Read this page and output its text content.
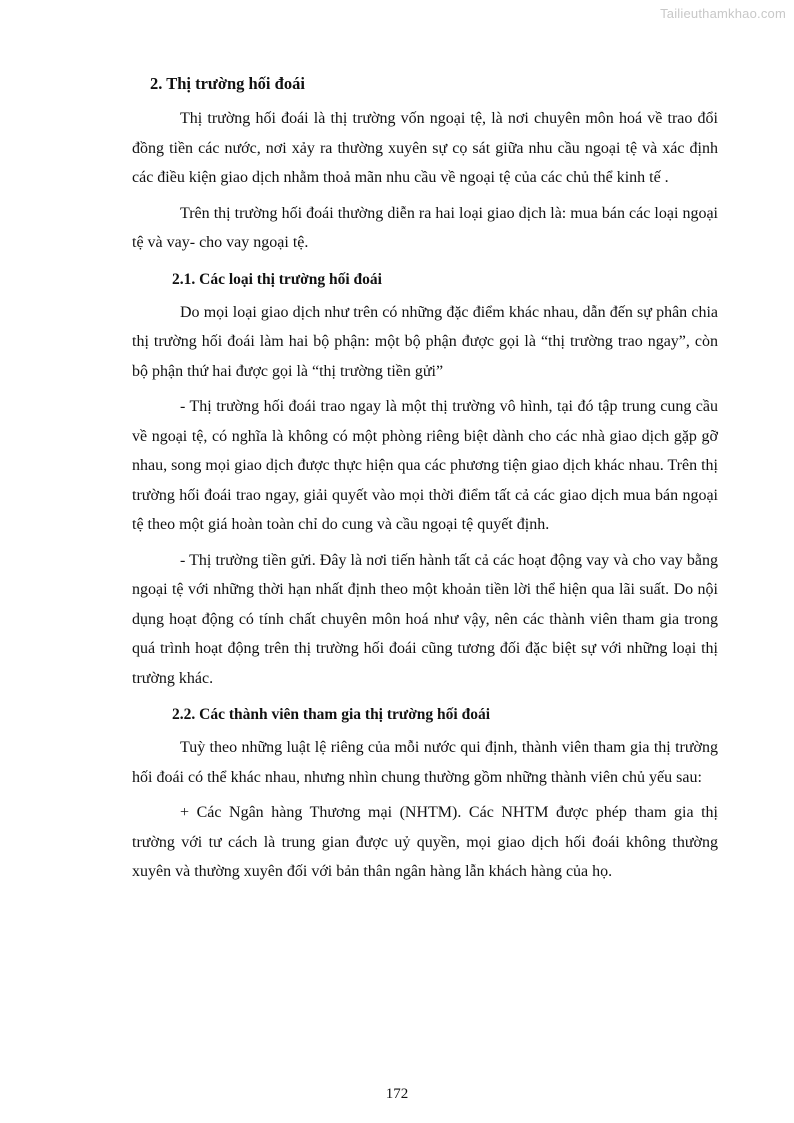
Tailieuthamkhao.com
2. Thị trường hối đoái

Thị trường hối đoái là thị trường vốn ngoại tệ, là nơi chuyên môn hoá về trao đổi đồng tiền các nước, nơi xảy ra thường xuyên sự cọ sát giữa nhu cầu ngoại tệ và xác định các điều kiện giao dịch nhằm thoả mãn nhu cầu về ngoại tệ của các chủ thể kinh tế .

Trên thị trường hối đoái thường diễn ra hai loại giao dịch là: mua bán các loại ngoại tệ và vay- cho vay ngoại tệ.

2.1. Các loại thị trường hối đoái

Do mọi loại giao dịch như trên có những đặc điểm khác nhau, dẫn đến sự phân chia thị trường hối đoái làm hai bộ phận: một bộ phận được gọi là “thị trường trao ngay”, còn bộ phận thứ hai được gọi là “thị trường tiền gửi”

- Thị trường hối đoái trao ngay là một thị trường vô hình, tại đó tập trung cung cầu về ngoại tệ, có nghĩa là không có một phòng riêng biệt dành cho các nhà giao dịch gặp gỡ nhau, song mọi giao dịch được thực hiện qua các phương tiện giao dịch khác nhau. Trên thị trường hối đoái trao ngay, giải quyết vào mọi thời điểm tất cả các giao dịch mua bán ngoại tệ theo một giá hoàn toàn chỉ do cung và cầu ngoại tệ quyết định.

- Thị trường tiền gửi. Đây là nơi tiến hành tất cả các hoạt động vay và cho vay bằng ngoại tệ với những thời hạn nhất định theo một khoản tiền lời thể hiện qua lãi suất. Do nội dụng hoạt động có tính chất chuyên môn hoá như vậy, nên các thành viên tham gia trong quá trình hoạt động trên thị trường hối đoái cũng tương đối đặc biệt sự với những loại thị trường khác.

2.2. Các thành viên tham gia thị trường hối đoái

Tuỳ theo những luật lệ riêng của mỗi nước qui định, thành viên tham gia thị trường hối đoái có thể khác nhau, nhưng nhìn chung thường gồm những thành viên chủ yếu sau:

+ Các Ngân hàng Thương mại (NHTM). Các NHTM được phép tham gia thị trường với tư cách là trung gian được uỷ quyền, mọi giao dịch hối đoái không thường xuyên và thường xuyên đối với bản thân ngân hàng lẫn khách hàng của họ.

172
